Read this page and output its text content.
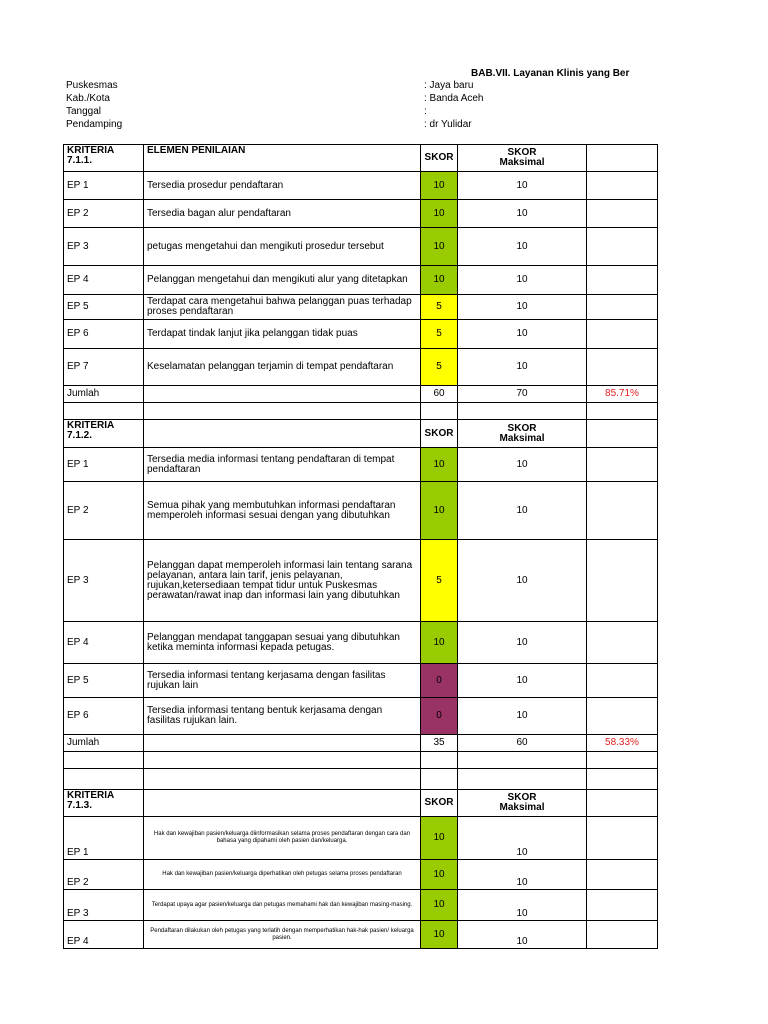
BAB.VII. Layanan Klinis yang Ber
Puskesmas	: Jaya baru
Kab./Kota	: Banda Aceh
Tanggal	:
Pendamping	: dr Yulidar
KRITERIA
7.1.1.	ELEMEN PENILAIAN	SKOR	SKOR
Maksimal	
EP 1	Tersedia prosedur pendaftaran	10	10	
EP 2	Tersedia bagan alur pendaftaran	10	10	
EP 3	petugas mengetahui dan mengikuti prosedur tersebut	10	10	
EP 4	Pelanggan mengetahui dan mengikuti alur yang ditetapkan	10	10	
EP 5	Terdapat cara mengetahui bahwa pelanggan puas terhadap proses pendaftaran	5	10	
EP 6	Terdapat tindak lanjut jika pelanggan tidak puas	5	10	
EP 7	Keselamatan pelanggan terjamin di tempat pendaftaran	5	10	
Jumlah		60	70	85.71%

KRITERIA
7.1.2.		SKOR	SKOR
Maksimal	
EP 1	Tersedia media informasi tentang pendaftaran di tempat pendaftaran	10	10	
EP 2	Semua pihak yang membutuhkan informasi pendaftaran memperoleh informasi sesuai dengan yang dibutuhkan	10	10	
EP 3	Pelanggan dapat memperoleh informasi lain tentang sarana pelayanan, antara lain tarif, jenis pelayanan, rujukan,ketersediaan tempat tidur untuk Puskesmas perawatan/rawat inap dan informasi lain yang dibutuhkan	5	10	
EP 4	Pelanggan mendapat tanggapan sesuai yang dibutuhkan ketika meminta informasi kepada petugas.	10	10	
EP 5	Tersedia informasi tentang kerjasama dengan fasilitas rujukan lain	0	10	
EP 6	Tersedia informasi tentang bentuk kerjasama dengan fasilitas rujukan lain.	0	10	
Jumlah		35	60	58.33%

KRITERIA
7.1.3.		SKOR	SKOR
Maksimal	
EP 1	Hak dan kewajiban pasien/keluarga diinformasikan selama proses pendaftaran dengan cara dan bahasa yang dipahami oleh pasien dan/keluarga.	10	10	
EP 2	Hak dan kewajiban pasien/keluarga diperhatikan oleh petugas selama proses pendaftaran	10	10	
EP 3	Terdapat upaya agar pasien/keluarga dan petugas memahami hak dan kewajiban masing-masing.	10	10	
EP 4	Pendaftaran dilakukan oleh petugas yang terlatih dengan memperhatikan hak-hak pasien/ keluarga pasien.	10	10	
